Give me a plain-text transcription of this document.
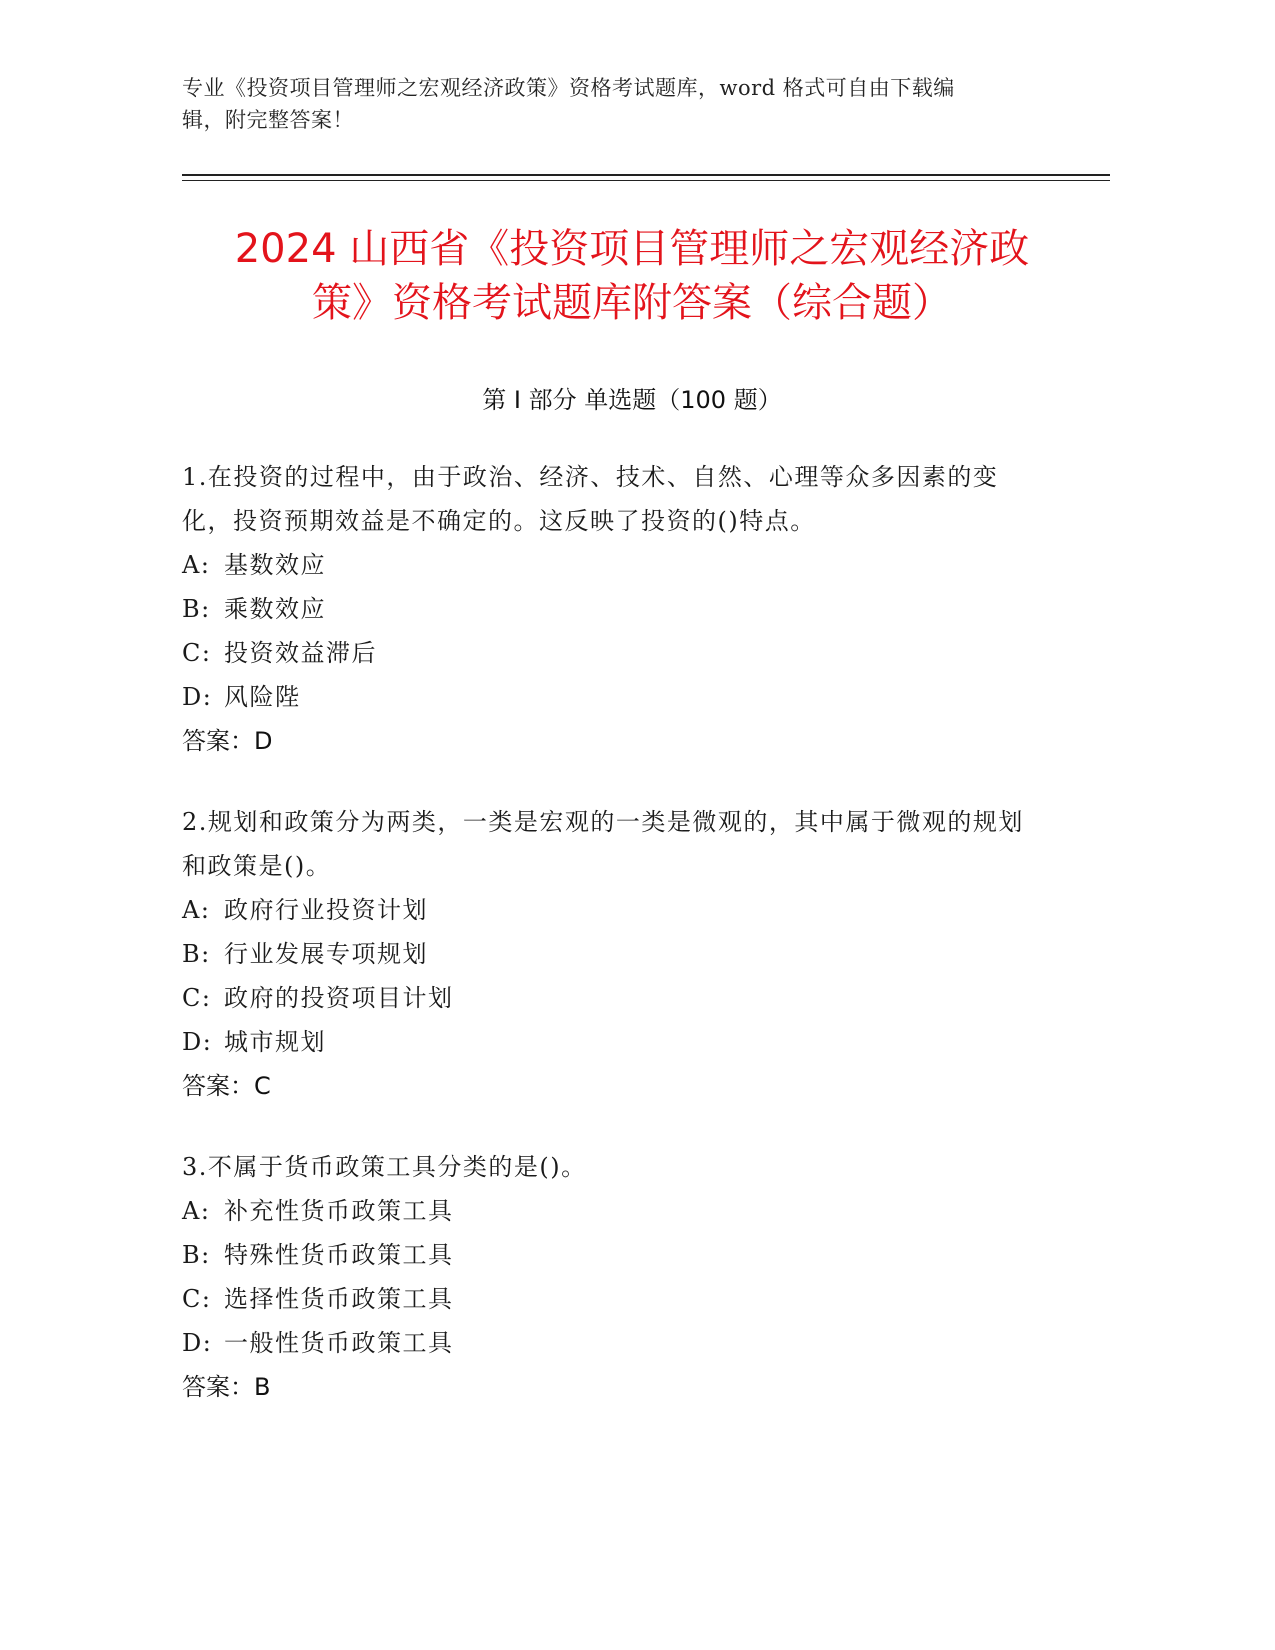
专业《投资项目管理师之宏观经济政策》资格考试题库，word 格式可自由下载编
辑，附完整答案！
2024 山西省《投资项目管理师之宏观经济政
策》资格考试题库附答案（综合题）
第 I 部分 单选题（100 题）
1.在投资的过程中，由于政治、经济、技术、自然、心理等众多因素的变化，投资预期效益是不确定的。这反映了投资的()特点。
A: 基数效应
B: 乘数效应
C: 投资效益滞后
D: 风险陛
答案：D
2.规划和政策分为两类，一类是宏观的一类是微观的，其中属于微观的规划和政策是()。
A: 政府行业投资计划
B: 行业发展专项规划
C: 政府的投资项目计划
D: 城市规划
答案：C
3.不属于货币政策工具分类的是()。
A: 补充性货币政策工具
B: 特殊性货币政策工具
C: 选择性货币政策工具
D: 一般性货币政策工具
答案：B
